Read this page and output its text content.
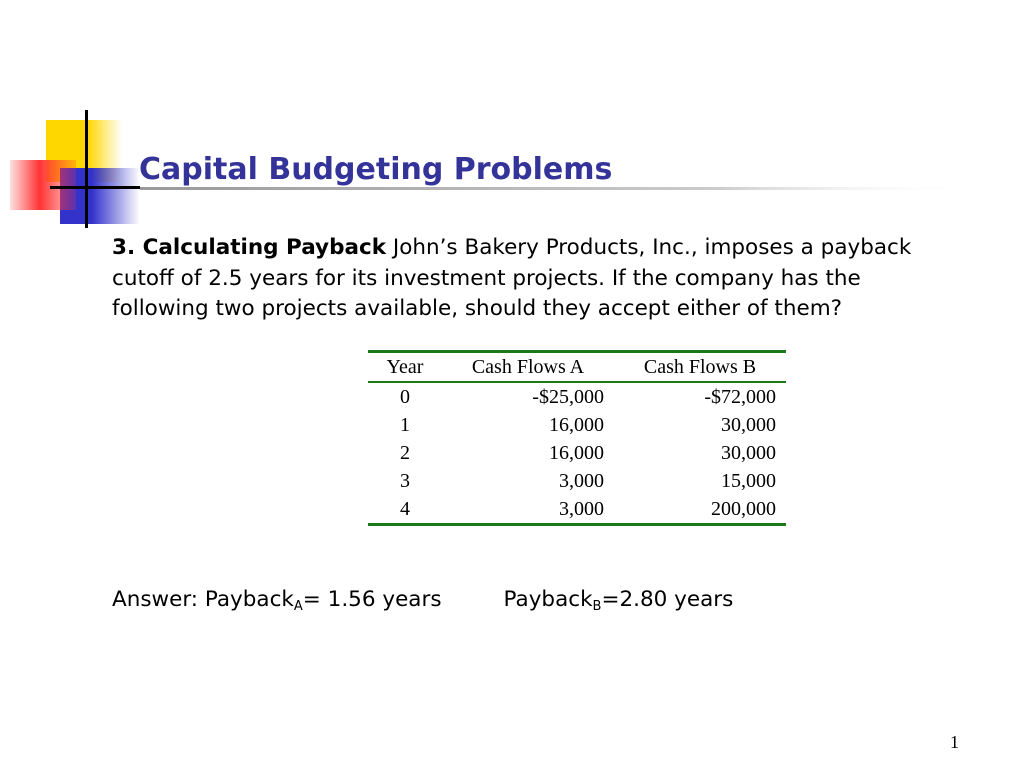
Capital Budgeting Problems
3. Calculating Payback John’s Bakery Products, Inc., imposes a payback cutoff of 2.5 years for its investment projects. If the company has the following two projects available, should they accept either of them?
Year	Cash Flows A	Cash Flows B
0	-$25,000	-$72,000
1	16,000	30,000
2	16,000	30,000
3	3,000	15,000
4	3,000	200,000
Answer: Payback$_A$= 1.56 years	Payback$_B$=2.80 years
1
